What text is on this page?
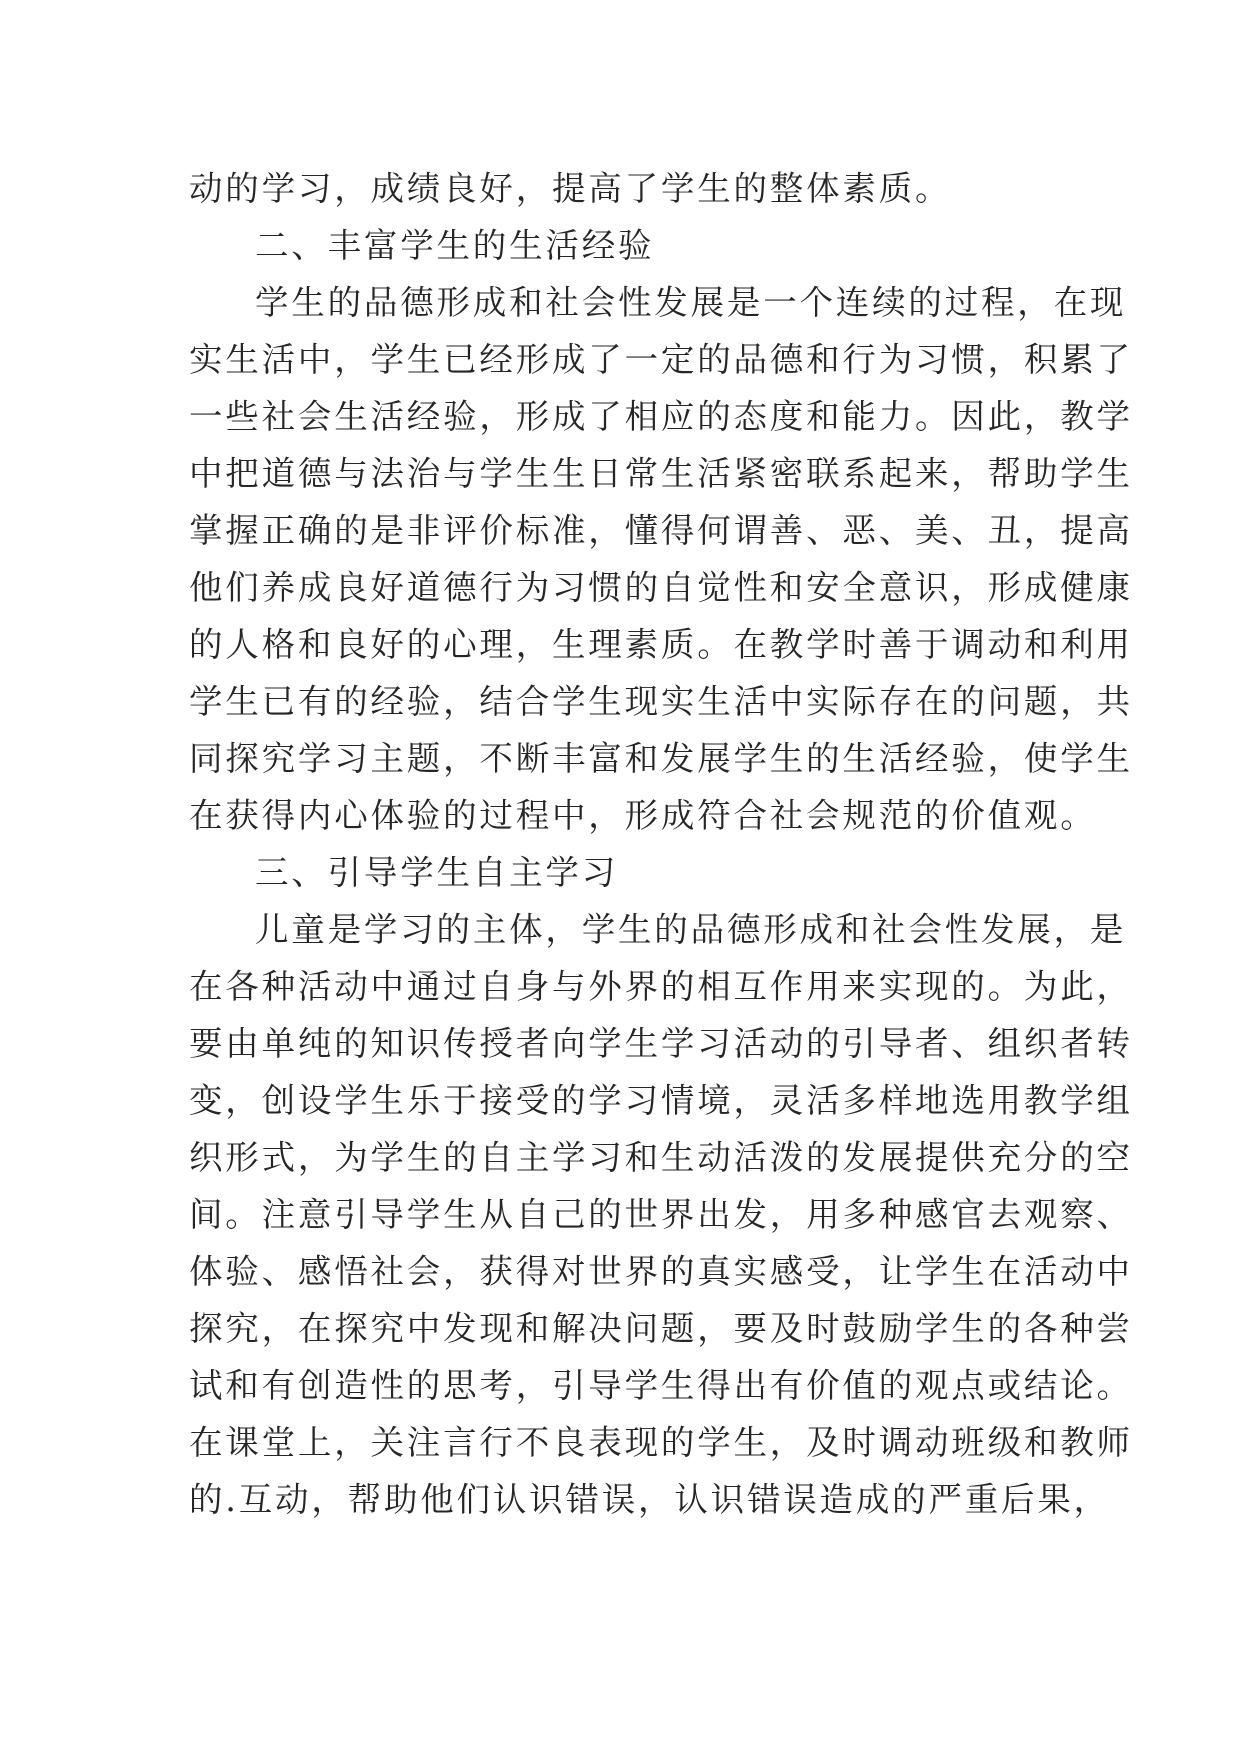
动的学习，成绩良好，提高了学生的整体素质。

二、丰富学生的生活经验

学生的品德形成和社会性发展是一个连续的过程，在现

实生活中，学生已经形成了一定的品德和行为习惯，积累了

一些社会生活经验，形成了相应的态度和能力。因此，教学

中把道德与法治与学生生日常生活紧密联系起来，帮助学生

掌握正确的是非评价标准，懂得何谓善、恶、美、丑，提高

他们养成良好道德行为习惯的自觉性和安全意识，形成健康

的人格和良好的心理，生理素质。在教学时善于调动和利用

学生已有的经验，结合学生现实生活中实际存在的问题，共

同探究学习主题，不断丰富和发展学生的生活经验，使学生

在获得内心体验的过程中，形成符合社会规范的价值观。

三、引导学生自主学习

儿童是学习的主体，学生的品德形成和社会性发展，是

在各种活动中通过自身与外界的相互作用来实现的。为此，

要由单纯的知识传授者向学生学习活动的引导者、组织者转

变，创设学生乐于接受的学习情境，灵活多样地选用教学组

织形式，为学生的自主学习和生动活泼的发展提供充分的空

间。注意引导学生从自己的世界出发，用多种感官去观察、

体验、感悟社会，获得对世界的真实感受，让学生在活动中

探究，在探究中发现和解决问题，要及时鼓励学生的各种尝

试和有创造性的思考，引导学生得出有价值的观点或结论。

在课堂上，关注言行不良表现的学生，及时调动班级和教师

的.互动，帮助他们认识错误，认识错误造成的严重后果，
